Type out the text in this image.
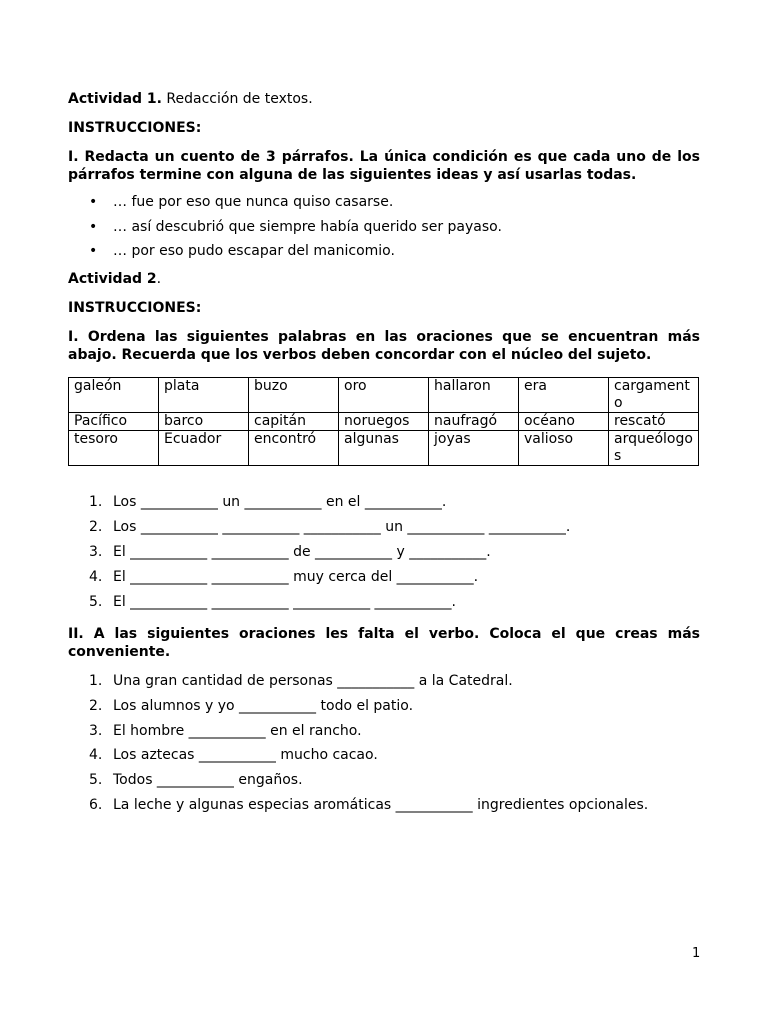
Actividad 1. Redacción de textos.

INSTRUCCIONES:

I. Redacta un cuento de 3 párrafos. La única condición es que cada uno de los párrafos termine con alguna de las siguientes ideas y así usarlas todas.

• … fue por eso que nunca quiso casarse.
• … así descubrió que siempre había querido ser payaso.
• … por eso pudo escapar del manicomio.

Actividad 2.

INSTRUCCIONES:

I. Ordena las siguientes palabras en las oraciones que se encuentran más abajo. Recuerda que los verbos deben concordar con el núcleo del sujeto.

galeón	plata	buzo	oro	hallaron	era	cargamento
Pacífico	barco	capitán	noruegos	naufragó	océano	rescató
tesoro	Ecuador	encontró	algunas	joyas	valioso	arqueólogos
1. Los ___________ un ___________ en el ___________.
2. Los ___________ ___________ ___________ un ___________ ___________.
3. El ___________ ___________ de ___________ y ___________.
4. El ___________ ___________ muy cerca del ___________.
5. El ___________ ___________ ___________ ___________.

II. A las siguientes oraciones les falta el verbo. Coloca el que creas más conveniente.

1. Una gran cantidad de personas ___________ a la Catedral.
2. Los alumnos y yo ___________ todo el patio.
3. El hombre ___________ en el rancho.
4. Los aztecas ___________ mucho cacao.
5. Todos ___________ engaños.
6. La leche y algunas especias aromáticas ___________ ingredientes opcionales.
1
